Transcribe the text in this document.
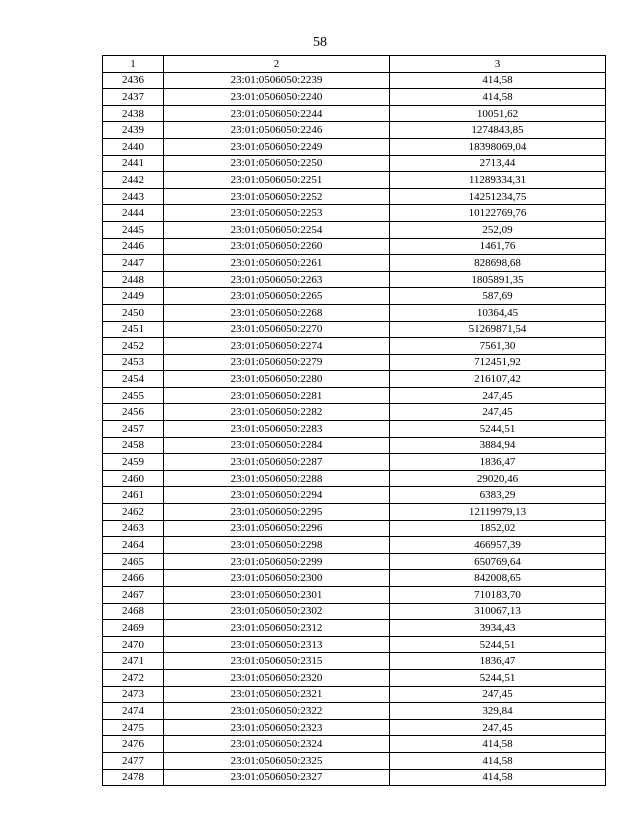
58
1	2	3
2436	23:01:0506050:2239	414,58
2437	23:01:0506050:2240	414,58
2438	23:01:0506050:2244	10051,62
2439	23:01:0506050:2246	1274843,85
2440	23:01:0506050:2249	18398069,04
2441	23:01:0506050:2250	2713,44
2442	23:01:0506050:2251	11289334,31
2443	23:01:0506050:2252	14251234,75
2444	23:01:0506050:2253	10122769,76
2445	23:01:0506050:2254	252,09
2446	23:01:0506050:2260	1461,76
2447	23:01:0506050:2261	828698,68
2448	23:01:0506050:2263	1805891,35
2449	23:01:0506050:2265	587,69
2450	23:01:0506050:2268	10364,45
2451	23:01:0506050:2270	51269871,54
2452	23:01:0506050:2274	7561,30
2453	23:01:0506050:2279	712451,92
2454	23:01:0506050:2280	216107,42
2455	23:01:0506050:2281	247,45
2456	23:01:0506050:2282	247,45
2457	23:01:0506050:2283	5244,51
2458	23:01:0506050:2284	3884,94
2459	23:01:0506050:2287	1836,47
2460	23:01:0506050:2288	29020,46
2461	23:01:0506050:2294	6383,29
2462	23:01:0506050:2295	12119979,13
2463	23:01:0506050:2296	1852,02
2464	23:01:0506050:2298	466957,39
2465	23:01:0506050:2299	650769,64
2466	23:01:0506050:2300	842008,65
2467	23:01:0506050:2301	710183,70
2468	23:01:0506050:2302	310067,13
2469	23:01:0506050:2312	3934,43
2470	23:01:0506050:2313	5244,51
2471	23:01:0506050:2315	1836,47
2472	23:01:0506050:2320	5244,51
2473	23:01:0506050:2321	247,45
2474	23:01:0506050:2322	329,84
2475	23:01:0506050:2323	247,45
2476	23:01:0506050:2324	414,58
2477	23:01:0506050:2325	414,58
2478	23:01:0506050:2327	414,58
